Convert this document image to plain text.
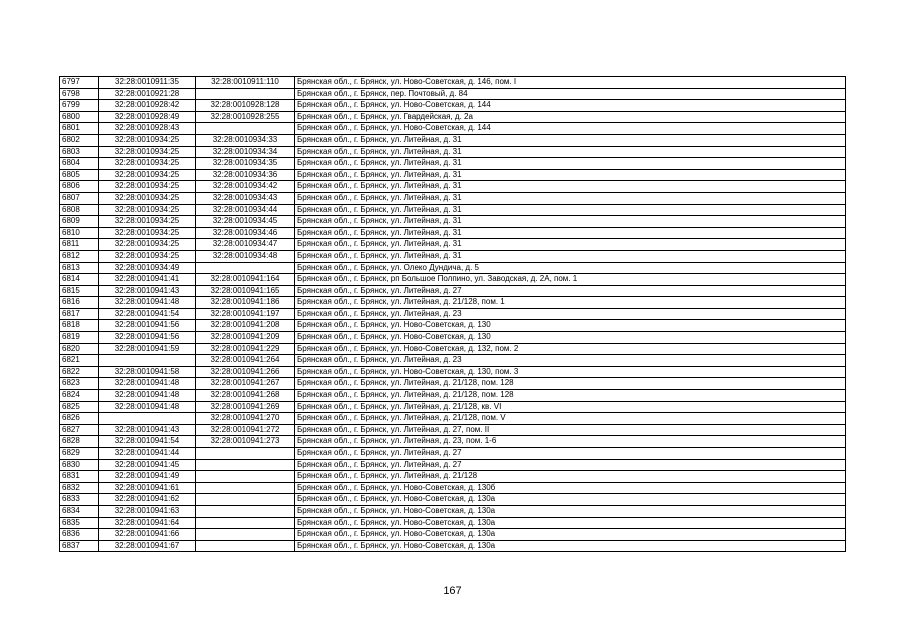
6797	32:28:0010911:35	32:28:0010911:110	Брянская обл., г. Брянск, ул. Ново-Советская, д. 146, пом. I
6798	32:28:0010921:28		Брянская обл., г. Брянск, пер. Почтовый, д. 84
6799	32:28:0010928:42	32:28:0010928:128	Брянская обл., г. Брянск, ул. Ново-Советская, д. 144
6800	32:28:0010928:49	32:28:0010928:255	Брянская обл., г. Брянск, ул. Гвардейская, д. 2а
6801	32:28:0010928:43		Брянская обл., г. Брянск, ул. Ново-Советская, д. 144
6802	32:28:0010934:25	32:28:0010934:33	Брянская обл., г. Брянск, ул. Литейная, д. 31
6803	32:28:0010934:25	32:28:0010934:34	Брянская обл., г. Брянск, ул. Литейная, д. 31
6804	32:28:0010934:25	32:28:0010934:35	Брянская обл., г. Брянск, ул. Литейная, д. 31
6805	32:28:0010934:25	32:28:0010934:36	Брянская обл., г. Брянск, ул. Литейная, д. 31
6806	32:28:0010934:25	32:28:0010934:42	Брянская обл., г. Брянск, ул. Литейная, д. 31
6807	32:28:0010934:25	32:28:0010934:43	Брянская обл., г. Брянск, ул. Литейная, д. 31
6808	32:28:0010934:25	32:28:0010934:44	Брянская обл., г. Брянск, ул. Литейная, д. 31
6809	32:28:0010934:25	32:28:0010934:45	Брянская обл., г. Брянск, ул. Литейная, д. 31
6810	32:28:0010934:25	32:28:0010934:46	Брянская обл., г. Брянск, ул. Литейная, д. 31
6811	32:28:0010934:25	32:28:0010934:47	Брянская обл., г. Брянск, ул. Литейная, д. 31
6812	32:28:0010934:25	32:28:0010934:48	Брянская обл., г. Брянск, ул. Литейная, д. 31
6813	32:28:0010934:49		Брянская обл., г. Брянск, ул. Олеко Дундича, д. 5
6814	32:28:0010941:41	32:28:0010941:164	Брянская обл., г. Брянск, рп Большое Полпино, ул. Заводская, д. 2А, пом. 1
6815	32:28:0010941:43	32:28:0010941:165	Брянская обл., г. Брянск, ул. Литейная, д. 27
6816	32:28:0010941:48	32:28:0010941:186	Брянская обл., г. Брянск, ул. Литейная, д. 21/128, пом. 1
6817	32:28:0010941:54	32:28:0010941:197	Брянская обл., г. Брянск, ул. Литейная, д. 23
6818	32:28:0010941:56	32:28:0010941:208	Брянская обл., г. Брянск, ул. Ново-Советская, д. 130
6819	32:28:0010941:56	32:28:0010941:209	Брянская обл., г. Брянск, ул. Ново-Советская, д. 130
6820	32:28:0010941:59	32:28:0010941:229	Брянская обл., г. Брянск, ул. Ново-Советская, д. 132, пом. 2
6821		32:28:0010941:264	Брянская обл., г. Брянск, ул. Литейная, д. 23
6822	32:28:0010941:58	32:28:0010941:266	Брянская обл., г. Брянск, ул. Ново-Советская, д. 130, пом. 3
6823	32:28:0010941:48	32:28:0010941:267	Брянская обл., г. Брянск, ул. Литейная, д. 21/128, пом. 128
6824	32:28:0010941:48	32:28:0010941:268	Брянская обл., г. Брянск, ул. Литейная, д. 21/128, пом. 128
6825	32:28:0010941:48	32:28:0010941:269	Брянская обл., г. Брянск, ул. Литейная, д. 21/128, кв. VI
6826		32:28:0010941:270	Брянская обл., г. Брянск, ул. Литейная, д. 21/128, пом. V
6827	32:28:0010941:43	32:28:0010941:272	Брянская обл., г. Брянск, ул. Литейная, д. 27, пом. II
6828	32:28:0010941:54	32:28:0010941:273	Брянская обл., г. Брянск, ул. Литейная, д. 23, пом. 1-6
6829	32:28:0010941:44		Брянская обл., г. Брянск, ул. Литейная, д. 27
6830	32:28:0010941:45		Брянская обл., г. Брянск, ул. Литейная, д. 27
6831	32:28:0010941:49		Брянская обл., г. Брянск, ул. Литейная, д. 21/128
6832	32:28:0010941:61		Брянская обл., г. Брянск, ул. Ново-Советская, д. 130б
6833	32:28:0010941:62		Брянская обл., г. Брянск, ул. Ново-Советская, д. 130а
6834	32:28:0010941:63		Брянская обл., г. Брянск, ул. Ново-Советская, д. 130а
6835	32:28:0010941:64		Брянская обл., г. Брянск, ул. Ново-Советская, д. 130а
6836	32:28:0010941:66		Брянская обл., г. Брянск, ул. Ново-Советская, д. 130а
6837	32:28:0010941:67		Брянская обл., г. Брянск, ул. Ново-Советская, д. 130а
167
